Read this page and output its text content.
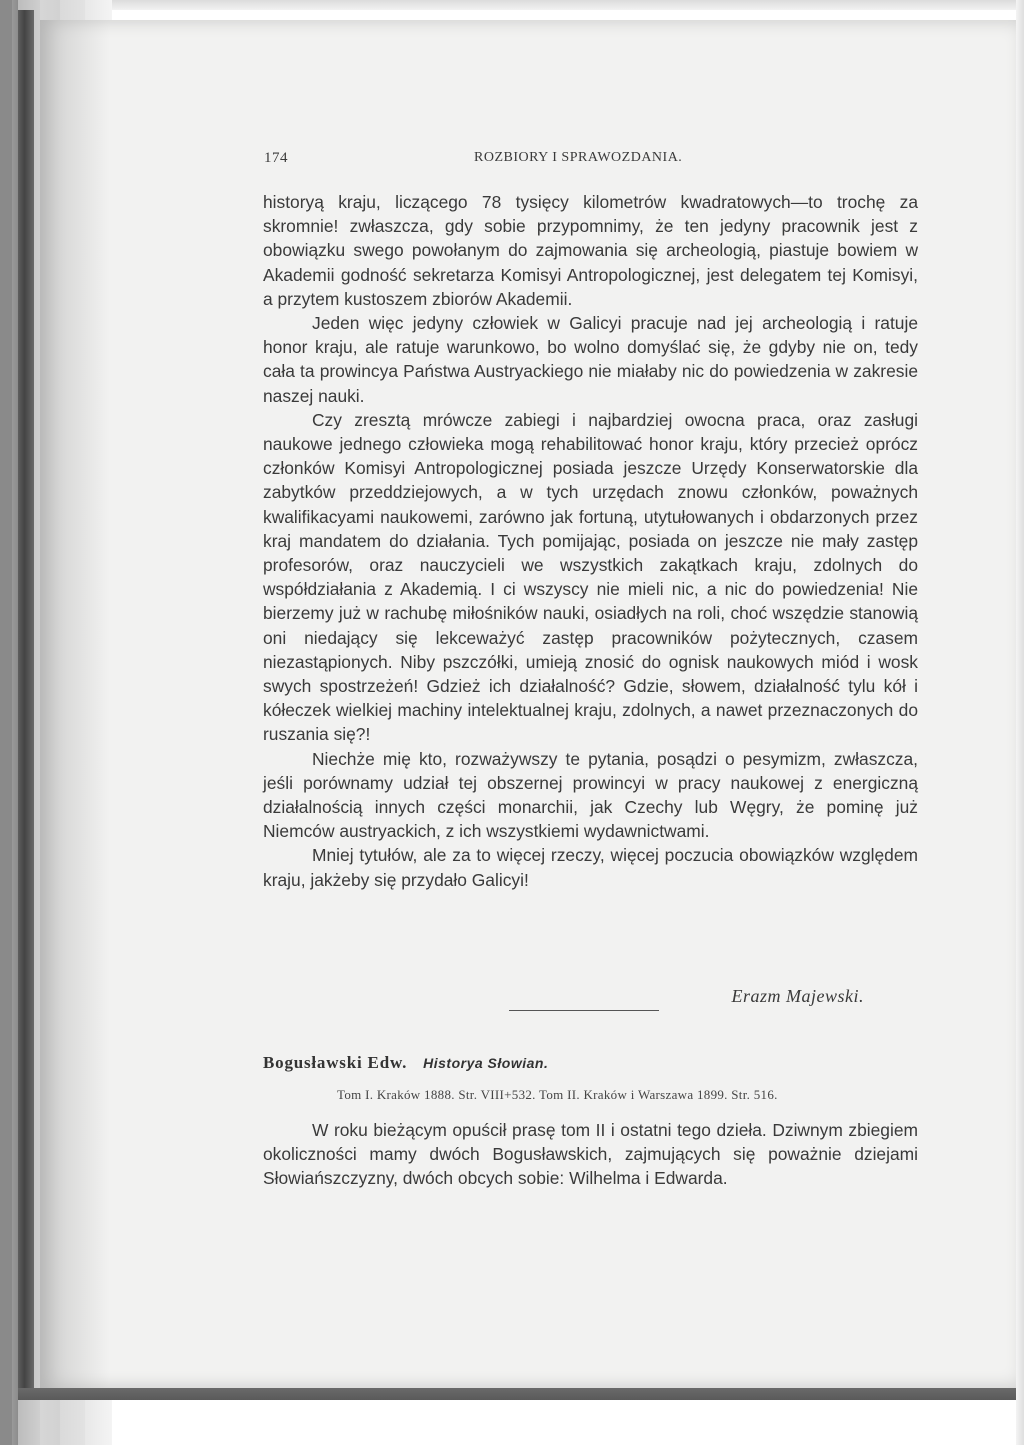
174	ROZBIORY I SPRAWOZDANIA.

historyą kraju, liczącego 78 tysięcy kilometrów kwadratowych—to trochę za skromnie! zwłaszcza, gdy sobie przypomnimy, że ten jedyny pracownik jest z obowiązku swego powołanym do zajmowania się archeologią, piastuje bowiem w Akademii godność sekretarza Komisyi Antropologicznej, jest delegatem tej Komisyi, a przytem kustoszem zbiorów Akademii.

Jeden więc jedyny człowiek w Galicyi pracuje nad jej archeologią i ratuje honor kraju, ale ratuje warunkowo, bo wolno domyślać się, że gdyby nie on, tedy cała ta prowincya Państwa Austryackiego nie miałaby nic do powiedzenia w zakresie naszej nauki.

Czy zresztą mrówcze zabiegi i najbardziej owocna praca, oraz zasługi naukowe jednego człowieka mogą rehabilitować honor kraju, który przecież oprócz członków Komisyi Antropologicznej posiada jeszcze Urzędy Konserwatorskie dla zabytków przeddziejowych, a w tych urzędach znowu członków, poważnych kwalifikacyami naukowemi, zarówno jak fortuną, utytułowanych i obdarzonych przez kraj mandatem do działania. Tych pomijając, posiada on jeszcze nie mały zastęp profesorów, oraz nauczycieli we wszystkich zakątkach kraju, zdolnych do współdziałania z Akademią. I ci wszyscy nie mieli nic, a nic do powiedzenia! Nie bierzemy już w rachubę miłośników nauki, osiadłych na roli, choć wszędzie stanowią oni niedający się lekceważyć zastęp pracowników pożytecznych, czasem niezastąpionych. Niby pszczółki, umieją znosić do ognisk naukowych miód i wosk swych spostrzeżeń! Gdzież ich działalność? Gdzie, słowem, działalność tylu kół i kółeczek wielkiej machiny intelektualnej kraju, zdolnych, a nawet przeznaczonych do ruszania się?!

Niechże mię kto, rozważywszy te pytania, posądzi o pesymizm, zwłaszcza, jeśli porównamy udział tej obszernej prowincyi w pracy naukowej z energiczną działalnością innych części monarchii, jak Czechy lub Węgry, że pominę już Niemców austryackich, z ich wszystkiemi wydawnictwami.

Mniej tytułów, ale za to więcej rzeczy, więcej poczucia obowiązków względem kraju, jakżeby się przydało Galicyi!

Erazm Majewski.
Bogusławski Edw. Historya Słowian.
Tom I. Kraków 1888. Str. VIII+532. Tom II. Kraków i Warszawa 1899. Str. 516.

W roku bieżącym opuścił prasę tom II i ostatni tego dzieła. Dziwnym zbiegiem okoliczności mamy dwóch Bogusławskich, zajmujących się poważnie dziejami Słowiańszczyzny, dwóch obcych sobie: Wilhelma i Edwarda.
